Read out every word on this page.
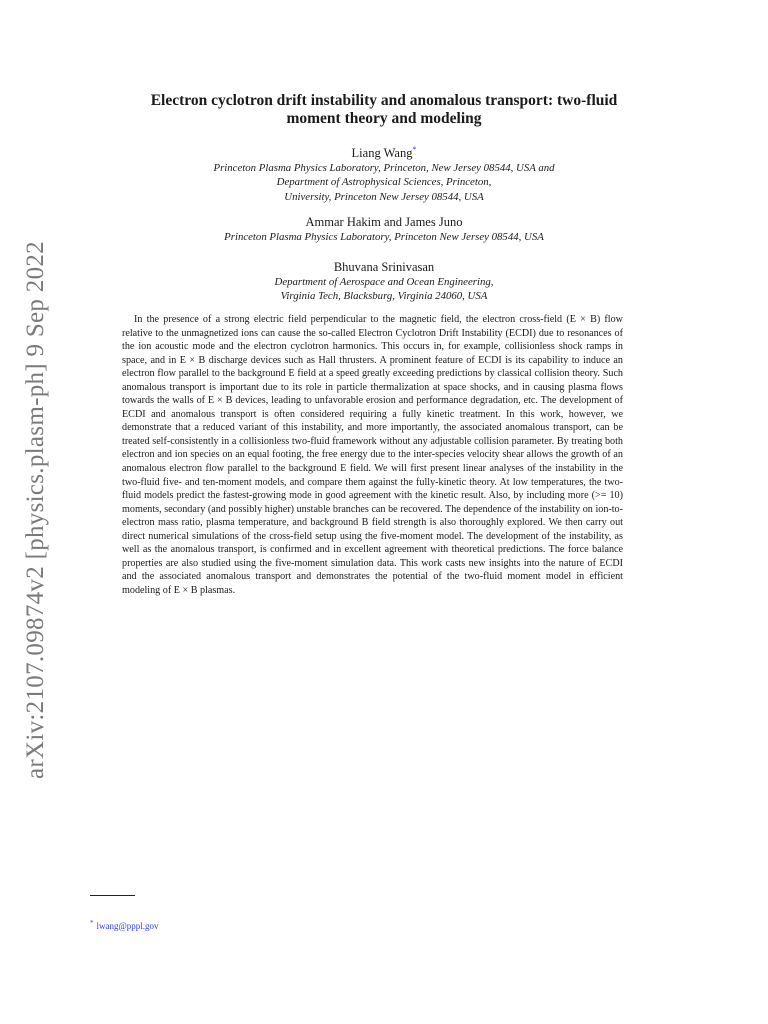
arXiv:2107.09874v2 [physics.plasm-ph] 9 Sep 2022
Electron cyclotron drift instability and anomalous transport: two-fluid
moment theory and modeling
Liang Wang*
Princeton Plasma Physics Laboratory, Princeton, New Jersey 08544, USA and
Department of Astrophysical Sciences, Princeton,
University, Princeton New Jersey 08544, USA
Ammar Hakim and James Juno
Princeton Plasma Physics Laboratory, Princeton New Jersey 08544, USA
Bhuvana Srinivasan
Department of Aerospace and Ocean Engineering,
Virginia Tech, Blacksburg, Virginia 24060, USA

In the presence of a strong electric field perpendicular to the magnetic field, the electron cross-field (E × B) flow relative to the unmagnetized ions can cause the so-called Electron Cyclotron Drift Instability (ECDI) due to resonances of the ion acoustic mode and the electron cyclotron harmonics. This occurs in, for example, collisionless shock ramps in space, and in E × B discharge devices such as Hall thrusters. A prominent feature of ECDI is its capability to induce an electron flow parallel to the background E field at a speed greatly exceeding predictions by classical collision theory. Such anomalous transport is important due to its role in particle thermalization at space shocks, and in causing plasma flows towards the walls of E × B devices, leading to unfavorable erosion and performance degradation, etc. The development of ECDI and anomalous transport is often considered requiring a fully kinetic treatment. In this work, however, we demonstrate that a reduced variant of this instability, and more importantly, the associated anomalous transport, can be treated self-consistently in a collisionless two-fluid framework without any adjustable collision parameter. By treating both electron and ion species on an equal footing, the free energy due to the inter-species velocity shear allows the growth of an anomalous electron flow parallel to the background E field. We will first present linear analyses of the instability in the two-fluid five- and ten-moment models, and compare them against the fully-kinetic theory. At low temperatures, the two-fluid models predict the fastest-growing mode in good agreement with the kinetic result. Also, by including more (>= 10) moments, secondary (and possibly higher) unstable branches can be recovered. The dependence of the instability on ion-to-electron mass ratio, plasma temperature, and background B field strength is also thoroughly explored. We then carry out direct numerical simulations of the cross-field setup using the five-moment model. The development of the instability, as well as the anomalous transport, is confirmed and in excellent agreement with theoretical predictions. The force balance properties are also studied using the five-moment simulation data. This work casts new insights into the nature of ECDI and the associated anomalous transport and demonstrates the potential of the two-fluid moment model in efficient modeling of E × B plasmas.

* lwang@pppl.gov
